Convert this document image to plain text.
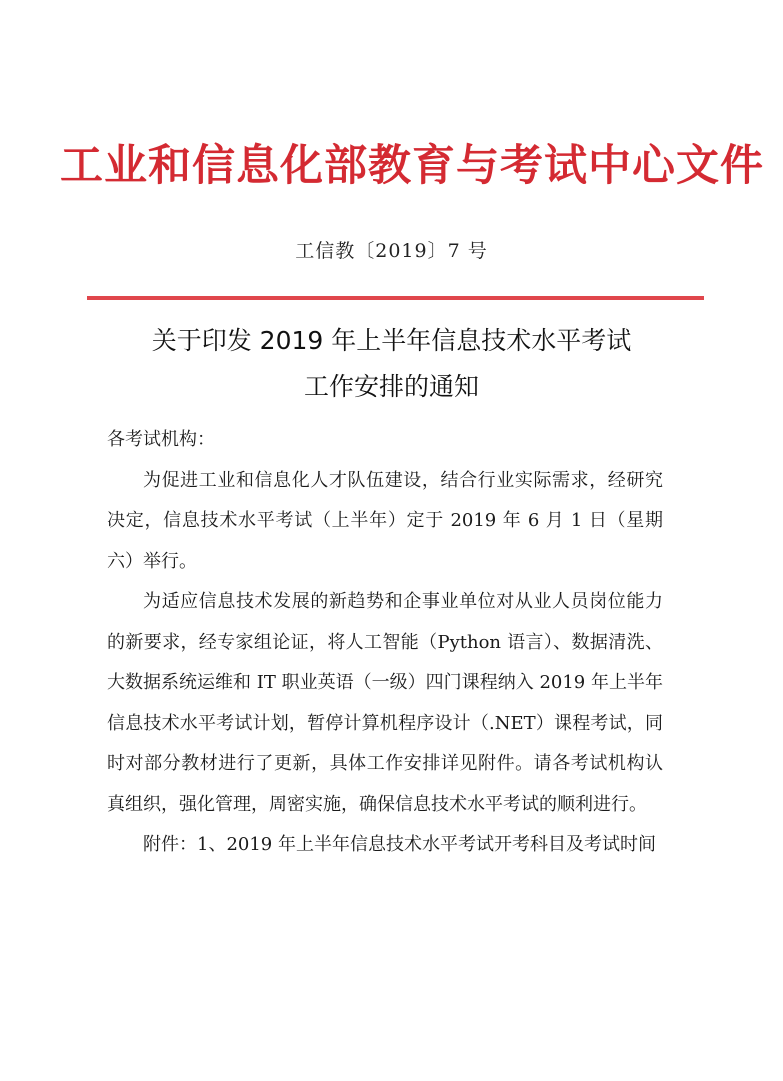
工业和信息化部教育与考试中心文件
工信教〔2019〕7 号
关于印发 2019 年上半年信息技术水平考试
工作安排的通知

各考试机构：

为促进工业和信息化人才队伍建设，结合行业实际需求，经研究决定，信息技术水平考试（上半年）定于 2019 年 6 月 1 日（星期六）举行。

为适应信息技术发展的新趋势和企事业单位对从业人员岗位能力的新要求，经专家组论证，将人工智能（Python 语言）、数据清洗、大数据系统运维和 IT 职业英语（一级）四门课程纳入 2019 年上半年信息技术水平考试计划，暂停计算机程序设计（.NET）课程考试，同时对部分教材进行了更新，具体工作安排详见附件。请各考试机构认真组织，强化管理，周密实施，确保信息技术水平考试的顺利进行。

附件：1、2019 年上半年信息技术水平考试开考科目及考试时间
